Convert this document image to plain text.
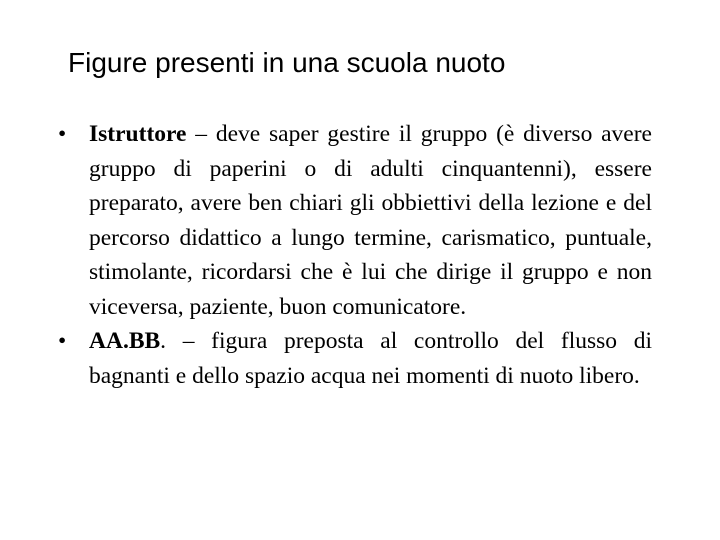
Figure presenti in una scuola nuoto
• Istruttore – deve saper gestire il gruppo (è diverso avere gruppo di paperini o di adulti cinquantenni), essere preparato, avere ben chiari gli obbiettivi della lezione e del percorso didattico a lungo termine, carismatico, puntuale, stimolante, ricordarsi che è lui che dirige il gruppo e non viceversa, paziente, buon comunicatore.
• AA.BB. – figura preposta al controllo del flusso di bagnanti e dello spazio acqua nei momenti di nuoto libero.
